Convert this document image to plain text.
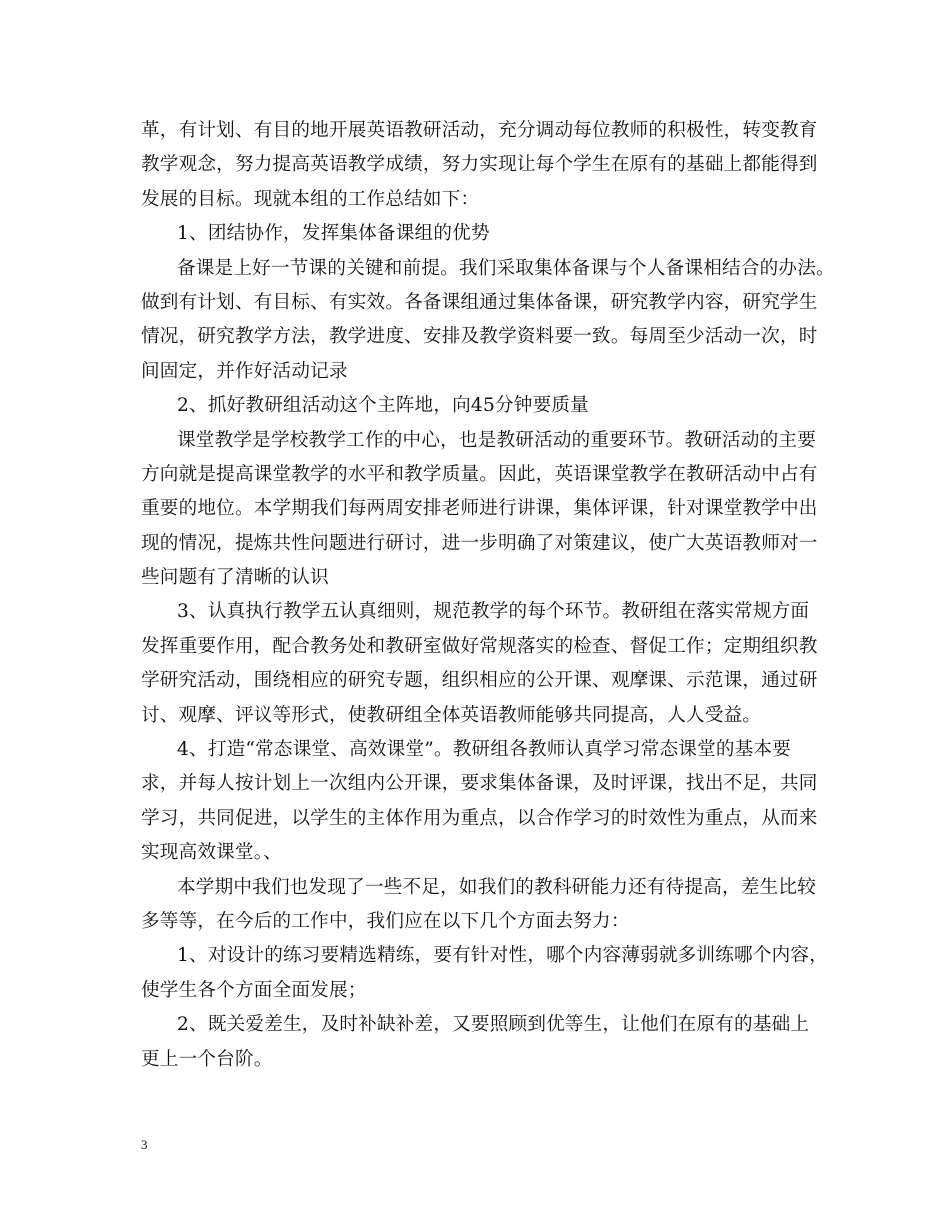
革，有计划、有目的地开展英语教研活动，充分调动每位教师的积极性，转变教育
教学观念，努力提高英语教学成绩，努力实现让每个学生在原有的基础上都能得到
发展的目标。现就本组的工作总结如下：
1、团结协作，发挥集体备课组的优势
备课是上好一节课的关键和前提。我们采取集体备课与个人备课相结合的办法。
做到有计划、有目标、有实效。各备课组通过集体备课，研究教学内容，研究学生
情况，研究教学方法，教学进度、安排及教学资料要一致。每周至少活动一次，时
间固定，并作好活动记录
2、抓好教研组活动这个主阵地，向45分钟要质量
课堂教学是学校教学工作的中心，也是教研活动的重要环节。教研活动的主要
方向就是提高课堂教学的水平和教学质量。因此，英语课堂教学在教研活动中占有
重要的地位。本学期我们每两周安排老师进行讲课，集体评课，针对课堂教学中出
现的情况，提炼共性问题进行研讨，进一步明确了对策建议，使广大英语教师对一
些问题有了清晰的认识
3、认真执行教学五认真细则，规范教学的每个环节。教研组在落实常规方面
发挥重要作用，配合教务处和教研室做好常规落实的检查、督促工作；定期组织教
学研究活动，围绕相应的研究专题，组织相应的公开课、观摩课、示范课，通过研
讨、观摩、评议等形式，使教研组全体英语教师能够共同提高，人人受益。
4、打造“常态课堂、高效课堂”。教研组各教师认真学习常态课堂的基本要
求，并每人按计划上一次组内公开课，要求集体备课，及时评课，找出不足，共同
学习，共同促进，以学生的主体作用为重点，以合作学习的时效性为重点，从而来
实现高效课堂。、
本学期中我们也发现了一些不足，如我们的教科研能力还有待提高，差生比较
多等等，在今后的工作中，我们应在以下几个方面去努力：
1、对设计的练习要精选精练，要有针对性，哪个内容薄弱就多训练哪个内容，
使学生各个方面全面发展；
2、既关爱差生，及时补缺补差，又要照顾到优等生，让他们在原有的基础上
更上一个台阶。
3
